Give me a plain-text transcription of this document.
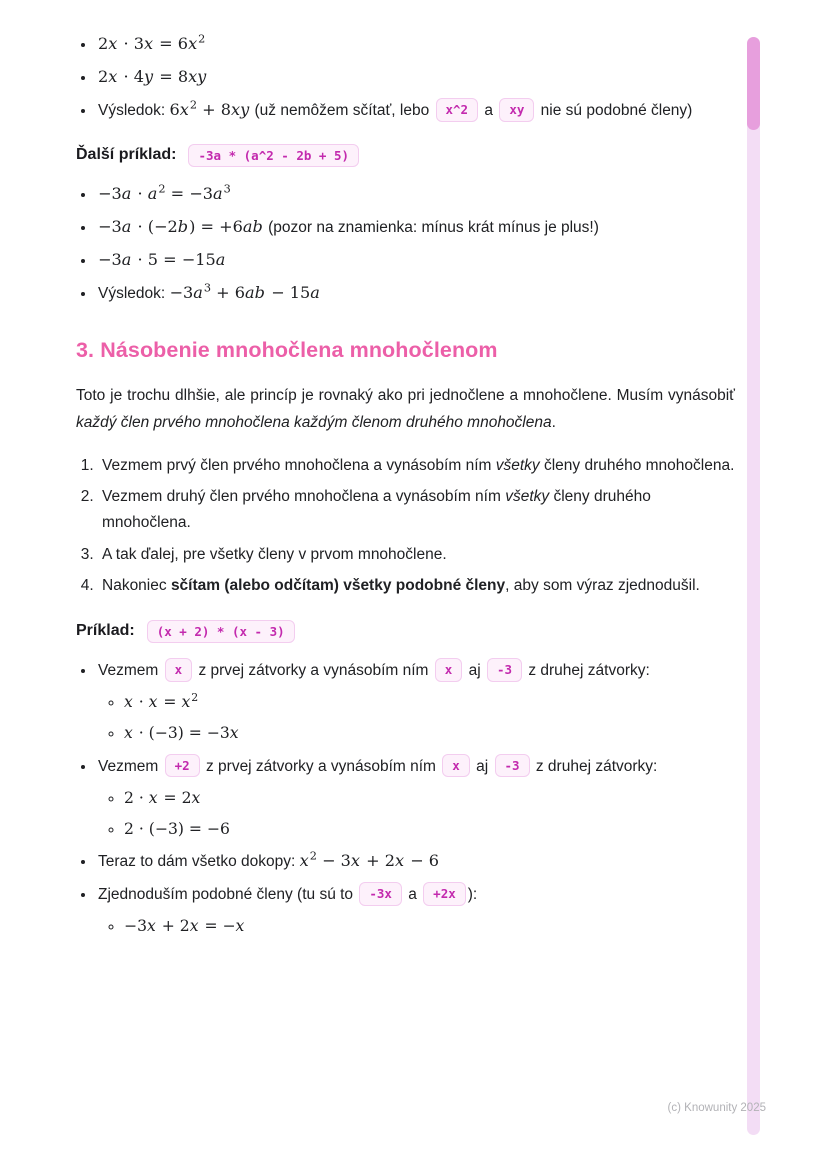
• $2x \cdot 3x = 6x^2$
• 2x · 4y = 8xy
• Výsledok: $6x^2 + 8xy$ (už nemôžem sčítať, lebo x^2 a xy nie sú podobné členy)

Ďalší príklad:	-3a * (a^2 - 2b + 5)

• $-3a \cdot a^2 = -3a^3$
• −3a · (−2b) = +6ab (pozor na znamienka: mínus krát mínus je plus!)
• −3a · 5 = −15a
• Výsledok: $-3a^3 + 6ab - 15a$
3. Násobenie mnohočlena mnohočlenom

Toto je trochu dlhšie, ale princíp je rovnaký ako pri jednočlene a mnohočlene. Musím vynásobiť každý člen prvého mnohočlena každým členom druhého mnohočlena.

1. Vezmem prvý člen prvého mnohočlena a vynásobím ním všetky členy druhého mnohočlena.
2. Vezmem druhý člen prvého mnohočlena a vynásobím ním všetky členy druhého mnohočlena.
3. A tak ďalej, pre všetky členy v prvom mnohočlene.
4. Nakoniec sčítam (alebo odčítam) všetky podobné členy, aby som výraz zjednodušil.

Príklad:	(x + 2) * (x - 3)

• Vezmem x z prvej zátvorky a vynásobím ním x aj -3 z druhej zátvorky:
◦ $x \cdot x = x^2$
◦ x · (−3) = −3x
• Vezmem +2 z prvej zátvorky a vynásobím ním x aj -3 z druhej zátvorky:
◦ 2 · x = 2x
◦ 2 · (−3) = −6
• Teraz to dám všetko dokopy: $x^2 - 3x + 2x - 6$
• Zjednoduším podobné členy (tu sú to -3x a +2x ):
◦ −3x + 2x = −x
(c) Knowunity 2025
